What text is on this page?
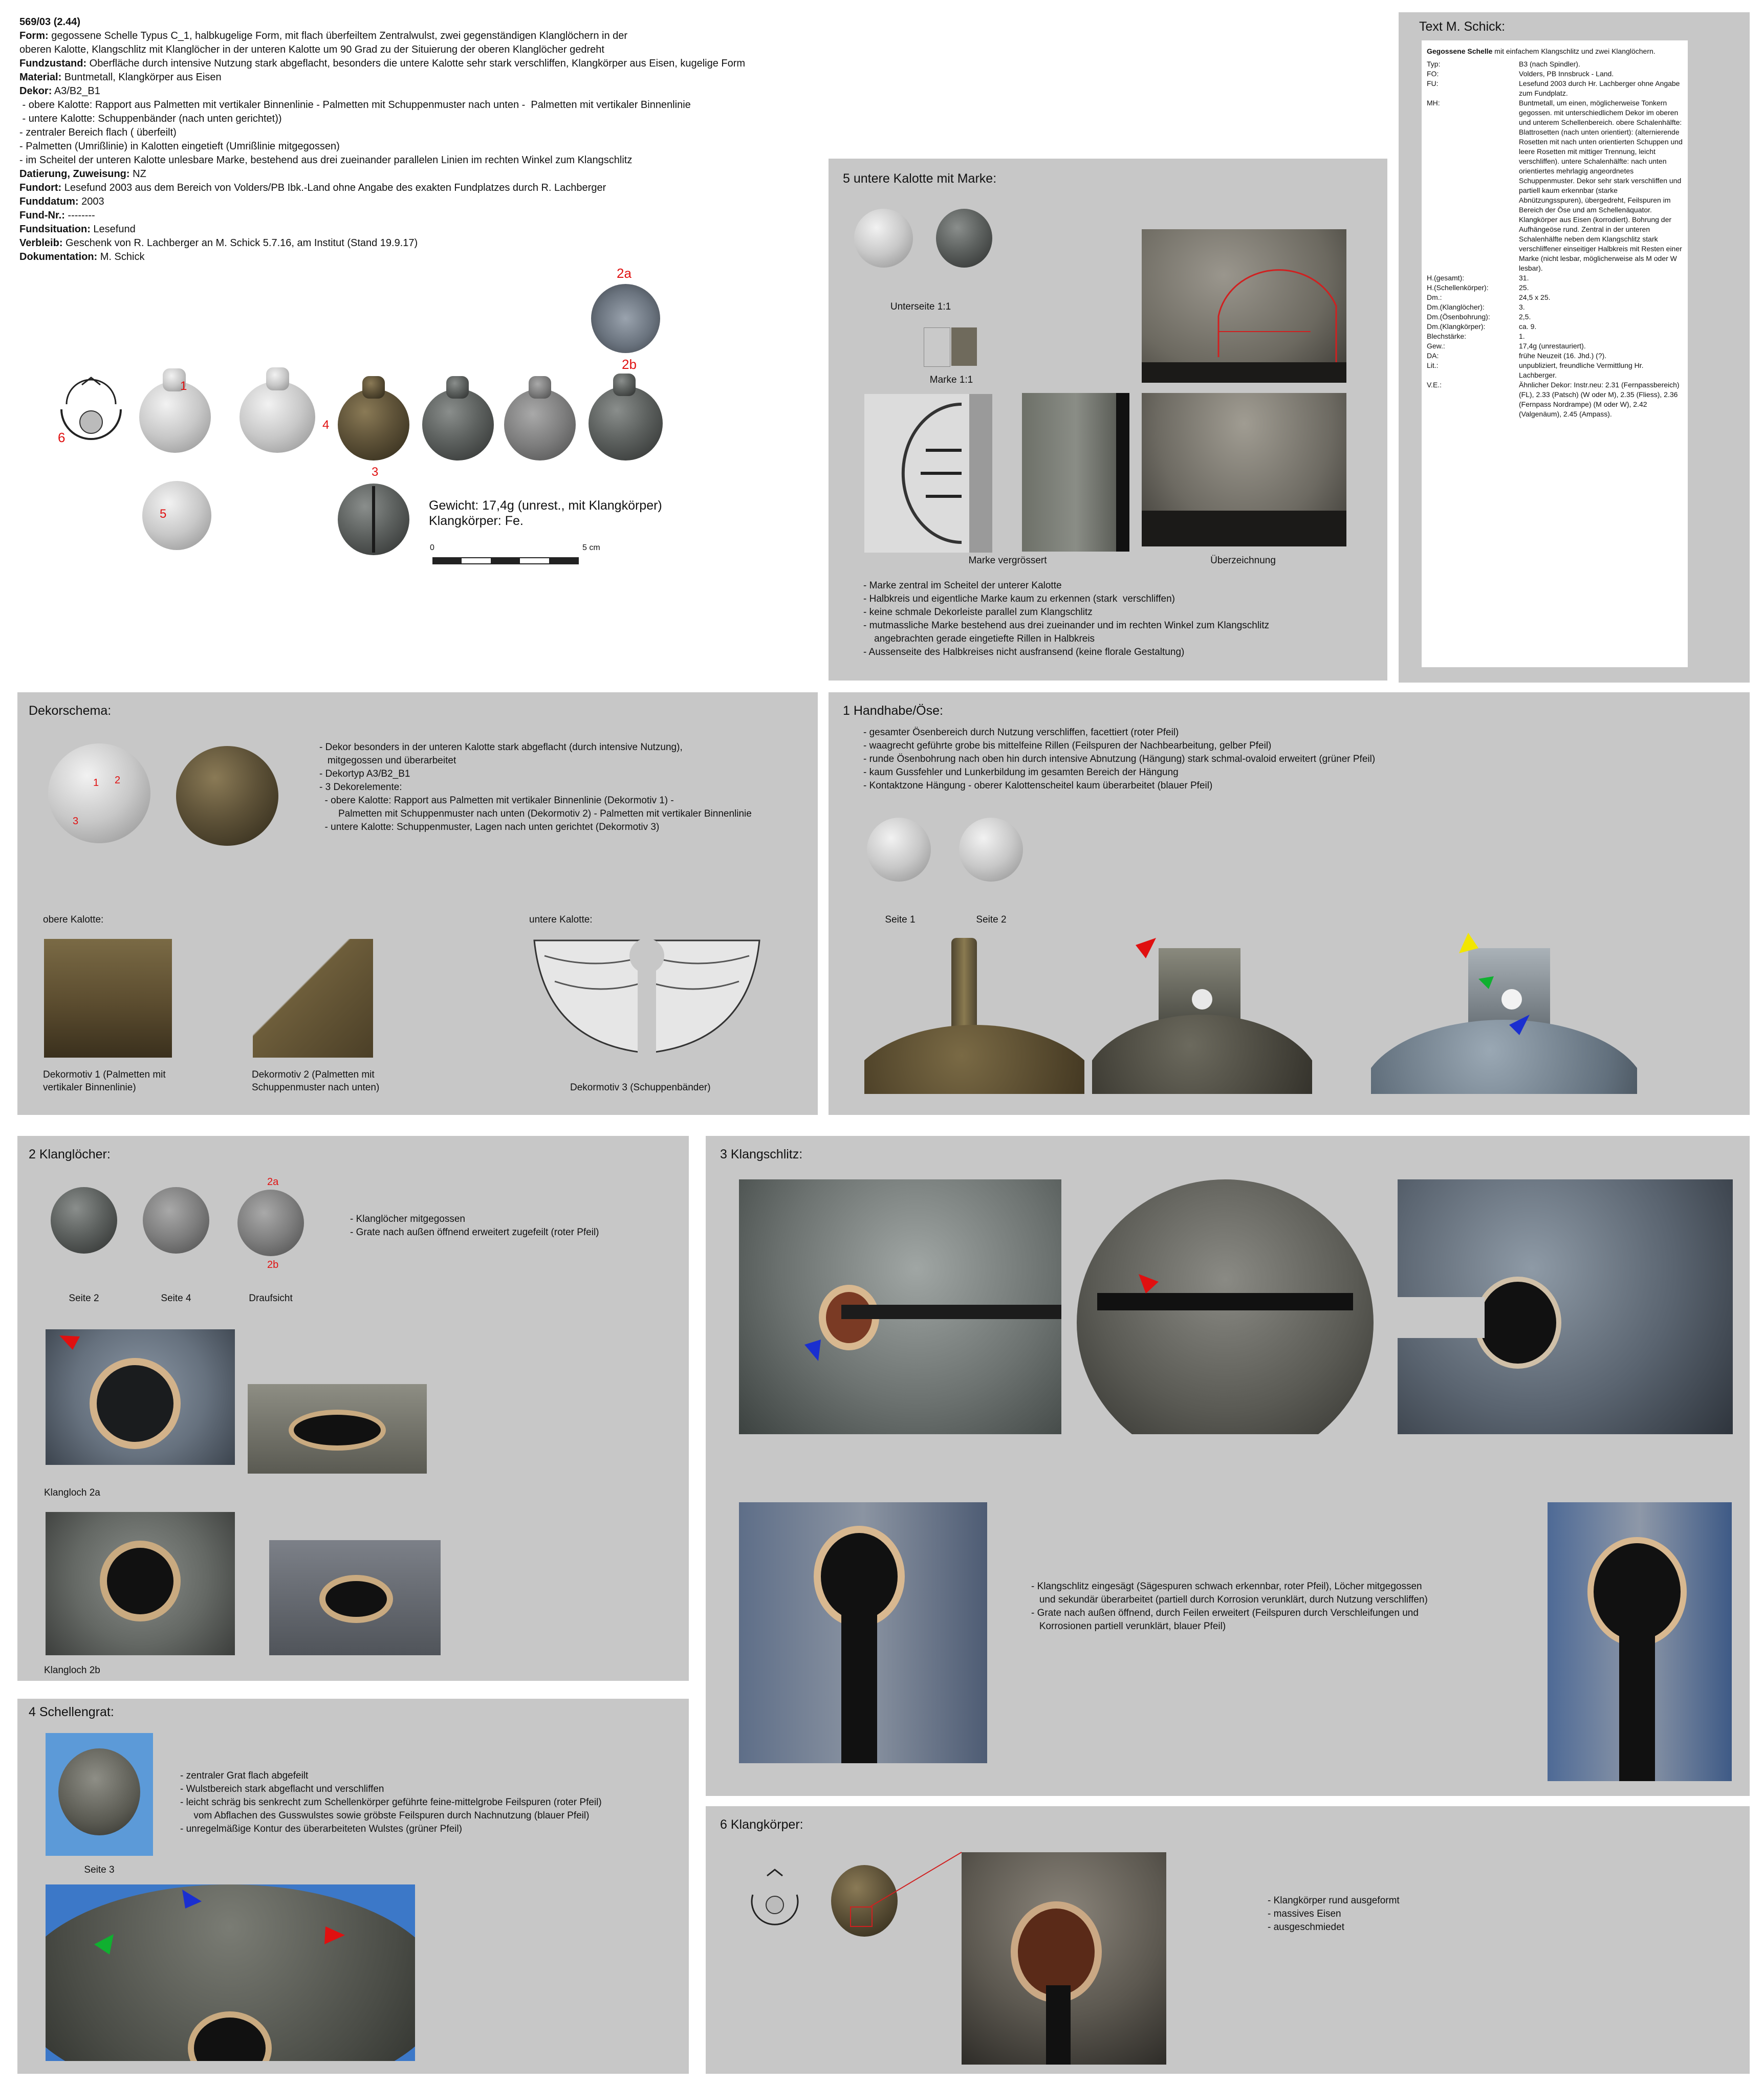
569/03 (2.44)
Form: gegossene Schelle Typus C_1, halbkugelige Form, mit flach überfeiltem Zentralwulst, zwei gegenständigen Klanglöchern in der
oberen Kalotte, Klangschlitz mit Klanglöcher in der unteren Kalotte um 90 Grad zu der Situierung der oberen Klanglöcher gedreht
Fundzustand: Oberfläche durch intensive Nutzung stark abgeflacht, besonders die untere Kalotte sehr stark verschliffen, Klangkörper aus Eisen, kugelige Form
Material: Buntmetall, Klangkörper aus Eisen
Dekor: A3/B2_B1
- obere Kalotte: Rapport aus Palmetten mit vertikaler Binnenlinie - Palmetten mit Schuppenmuster nach unten -  Palmetten mit vertikaler Binnenlinie
- untere Kalotte: Schuppenbänder (nach unten gerichtet))
- zentraler Bereich flach ( überfeilt)
- Palmetten (Umrißlinie) in Kalotten eingetieft (Umrißlinie mitgegossen)
- im Scheitel der unteren Kalotte unlesbare Marke, bestehend aus drei zueinander parallelen Linien im rechten Winkel zum Klangschlitz
Datierung, Zuweisung: NZ
Fundort: Lesefund 2003 aus dem Bereich von Volders/PB Ibk.-Land ohne Angabe des exakten Fundplatzes durch R. Lachberger
Funddatum: 2003
Fund-Nr.: --------
Fundsituation: Lesefund
Verbleib: Geschenk von R. Lachberger an M. Schick 5.7.16, am Institut (Stand 19.9.17)
Dokumentation: M. Schick
6
1
4
3
2b
2a
5
Gewicht: 17,4g (unrest., mit Klangkörper)
Klangkörper: Fe.
0	5 cm
Text M. Schick:
Gegossene Schelle mit einfachem Klangschlitz und zwei Klanglöchern.
Typ:	B3 (nach Spindler).
FO:	Volders, PB Innsbruck - Land.
FU:	Lesefund 2003 durch Hr. Lachberger ohne Angabe zum Fundplatz.
MH:	Buntmetall, um einen, möglicherweise Tonkern gegossen. mit unterschiedlichem Dekor im oberen und unterem Schellenbereich. obere Schalenhälfte: Blattrosetten (nach unten orientiert): (alternierende Rosetten mit nach unten orientierten Schuppen und leere Rosetten mit mittiger Trennung, leicht verschliffen). untere Schalenhälfte: nach unten orientiertes mehrlagig angeordnetes Schuppenmuster. Dekor sehr stark verschliffen und partiell kaum erkennbar (starke Abnützungsspuren), übergedreht, Feilspuren im Bereich der Öse und am Schellenäquator. Klangkörper aus Eisen (korrodiert). Bohrung der Aufhängeöse rund. Zentral in der unteren Schalenhälfte neben dem Klangschlitz stark verschliffener einseitiger Halbkreis mit Resten einer Marke (nicht lesbar, möglicherweise als M oder W lesbar).
H.(gesamt):	31.
H.(Schellenkörper):	25.
Dm.:	24,5 x 25.
Dm.(Klanglöcher):	3.
Dm.(Ösenbohrung):	2,5.
Dm.(Klangkörper):	ca. 9.
Blechstärke:	1.
Gew.:	17,4g (unrestauriert).
DA:	frühe Neuzeit (16. Jhd.) (?).
Lit.:	unpubliziert, freundliche Vermittlung Hr. Lachberger.
V.E.:	Ähnlicher Dekor: Instr.neu: 2.31 (Fernpassbereich) (FL), 2.33 (Patsch) (W oder M), 2.35 (Fliess), 2.36 (Fernpass Nordrampe) (M oder W), 2.42 (Valgenäum), 2.45 (Ampass).
5 untere Kalotte mit Marke:
Unterseite 1:1
Marke 1:1
Marke vergrössert	Überzeichnung
- Marke zentral im Scheitel der unterer Kalotte
- Halbkreis und eigentliche Marke kaum zu erkennen (stark  verschliffen)
- keine schmale Dekorleiste parallel zum Klangschlitz
- mutmassliche Marke bestehend aus drei zueinander und im rechten Winkel zum Klangschlitz
angebrachten gerade eingetiefte Rillen in Halbkreis
- Aussenseite des Halbkreises nicht ausfransend (keine florale Gestaltung)
Dekorschema:
1 2
3
- Dekor besonders in der unteren Kalotte stark abgeflacht (durch intensive Nutzung),
mitgegossen und überarbeitet
- Dekortyp A3/B2_B1
- 3 Dekorelemente:
- obere Kalotte: Rapport aus Palmetten mit vertikaler Binnenlinie (Dekormotiv 1) -
Palmetten mit Schuppenmuster nach unten (Dekormotiv 2) - Palmetten mit vertikaler Binnenlinie
- untere Kalotte: Schuppenmuster, Lagen nach unten gerichtet (Dekormotiv 3)
obere Kalotte:	untere Kalotte:
Dekormotiv 1 (Palmetten mit
vertikaler Binnenlinie)
Dekormotiv 2 (Palmetten mit
Schuppenmuster nach unten)	Dekormotiv 3 (Schuppenbänder)
1 Handhabe/Öse:
- gesamter Ösenbereich durch Nutzung verschliffen, facettiert (roter Pfeil)
- waagrecht geführte grobe bis mittelfeine Rillen (Feilspuren der Nachbearbeitung, gelber Pfeil)
- runde Ösenbohrung nach oben hin durch intensive Abnutzung (Hängung) stark schmal-ovaloid erweitert (grüner Pfeil)
- kaum Gussfehler und Lunkerbildung im gesamten Bereich der Hängung
- Kontaktzone Hängung - oberer Kalottenscheitel kaum überarbeitet (blauer Pfeil)
Seite 1	Seite 2
2 Klanglöcher:
2a
2b
Seite 2	Seite 4	Draufsicht
- Klanglöcher mitgegossen
- Grate nach außen öffnend erweitert zugefeilt (roter Pfeil)
Klangloch 2a
Klangloch 2b
3 Klangschlitz:
- Klangschlitz eingesägt (Sägespuren schwach erkennbar, roter Pfeil), Löcher mitgegossen
und sekundär überarbeitet (partiell durch Korrosion verunklärt, durch Nutzung verschliffen)
- Grate nach außen öffnend, durch Feilen erweitert (Feilspuren durch Verschleifungen und
Korrosionen partiell verunklärt, blauer Pfeil)
4 Schellengrat:
Seite 3
- zentraler Grat flach abgefeilt
- Wulstbereich stark abgeflacht und verschliffen
- leicht schräg bis senkrecht zum Schellenkörper geführte feine-mittelgrobe Feilspuren (roter Pfeil)
vom Abflachen des Gusswulstes sowie gröbste Feilspuren durch Nachnutzung (blauer Pfeil)
- unregelmäßige Kontur des überarbeiteten Wulstes (grüner Pfeil)	6 Klangkörper:
- Klangkörper rund ausgeformt
- massives Eisen
- ausgeschmiedet
